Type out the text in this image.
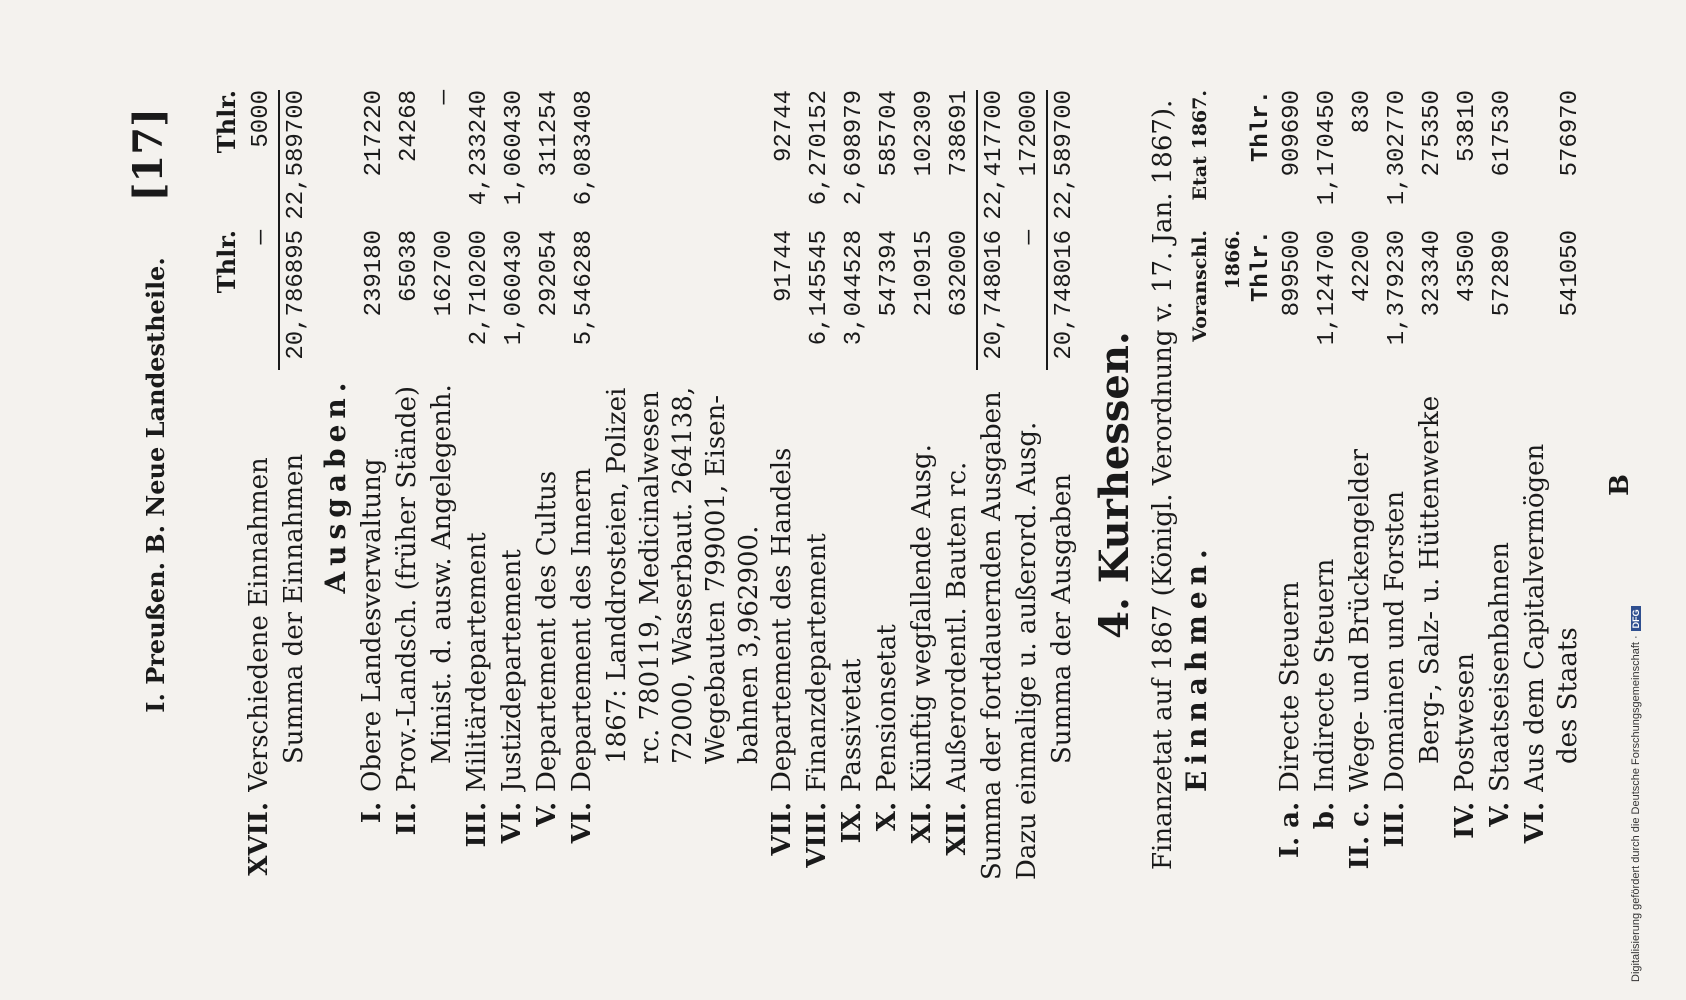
I. Preußen. B. Neue Landestheile.
[17]
Thlr.
Thlr.
XVII.
Verschiedene Einnahmen
—
5000
Summa der Einnahmen
20,786895
22,589700
Ausgaben.
I.
Obere Landesverwaltung
239180
217220
II.
Prov.-Landsch. (früher Stände)
65038
24268
Minist. d. ausw. Angelegenh.
162700
—
III.
Militärdepartement
2,710200
4,233240
VI.
Justizdepartement
1,060430
1,060430
V.
Departement des Cultus
292054
311254
VI.
Departement des Innern
5,546288
6,083408
1867: Landdrosteien, Polizei rc. 780119, Medicinalwesen 72000, Wasserbaut. 264138, Wegebauten 799001, Eisen- bahnen 3,962900.
VII.
Departement des Handels
91744
92744
VIII.
Finanzdepartement
6,145545
6,270152
IX.
Passivetat
3,044528
2,698979
X.
Pensionsetat
547394
585704
XI.
Künftig wegfallende Ausg.
210915
102309
XII.
Außerordentl. Bauten rc.
632000
738691
Summa der fortdauernden Ausgaben
20,748016
22,417700
Dazu einmalige u. außerord. Ausg.
—
172000
Summa der Ausgaben
20,748016
22,589700
4. Kurhessen. Finanzetat auf 1867 (Königl. Verordnung v. 17. Jan. 1867). Einnahmen.
Voranschl. 1866.
Etat 1867.
Thlr.
Thlr.
I. a.
Directe Steuern
899500
909690
b.
Indirecte Steuern
1,124700
1,170450
II. c.
Wege- und Brückengelder
42200
830
III.
Domainen und Forsten
1,379230
1,302770
Berg-, Salz- u. Hüttenwerke
323340
275350
IV.
Postwesen
43500
53810
V.
Staatseisenbahnen
572890
617530
VI.
Aus dem Capitalvermögen des Staats
541050
576970
B
Digitalisierung gefördert durch die Deutsche Forschungsgemeinschaft ·DFG
